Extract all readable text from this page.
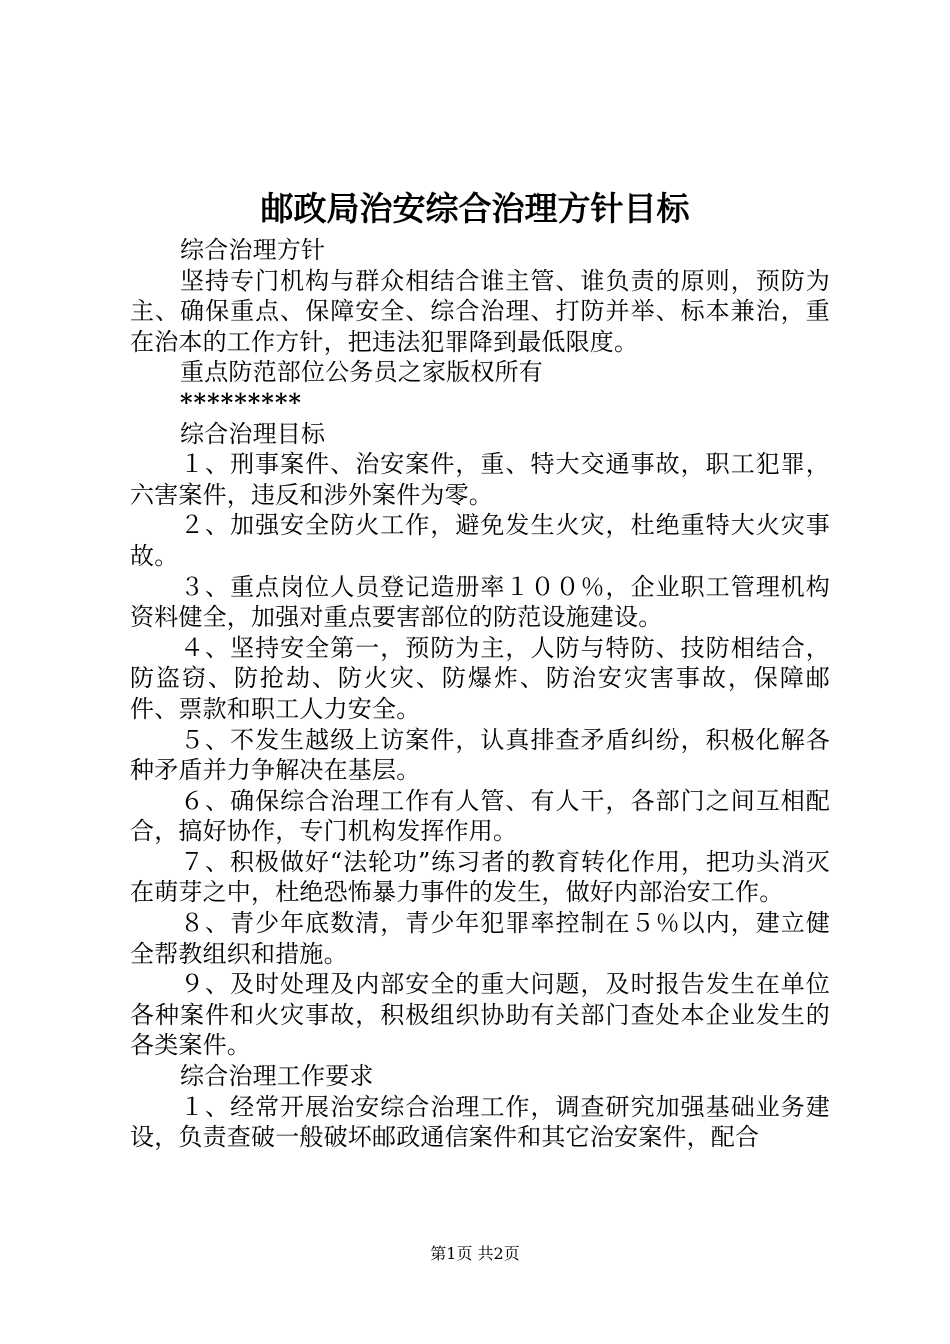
邮政局治安综合治理方针目标

综合治理方针

坚持专门机构与群众相结合谁主管、谁负责的原则，预防为主、确保重点、保障安全、综合治理、打防并举、标本兼治，重在治本的工作方针，把违法犯罪降到最低限度。

重点防范部位公务员之家版权所有

*********

综合治理目标

１、刑事案件、治安案件，重、特大交通事故，职工犯罪，六害案件，违反和涉外案件为零。

２、加强安全防火工作，避免发生火灾，杜绝重特大火灾事故。

３、重点岗位人员登记造册率１００％，企业职工管理机构资料健全，加强对重点要害部位的防范设施建设。

４、坚持安全第一，预防为主，人防与特防、技防相结合，防盗窃、防抢劫、防火灾、防爆炸、防治安灾害事故，保障邮件、票款和职工人力安全。

５、不发生越级上访案件，认真排查矛盾纠纷，积极化解各种矛盾并力争解决在基层。

６、确保综合治理工作有人管、有人干，各部门之间互相配合，搞好协作，专门机构发挥作用。

７、积极做好“法轮功”练习者的教育转化作用，把功头消灭在萌芽之中，杜绝恐怖暴力事件的发生，做好内部治安工作。

８、青少年底数清，青少年犯罪率控制在５％以内，建立健全帮教组织和措施。

９、及时处理及内部安全的重大问题，及时报告发生在单位各种案件和火灾事故，积极组织协助有关部门查处本企业发生的各类案件。

综合治理工作要求

１、经常开展治安综合治理工作，调查研究加强基础业务建设，负责查破一般破坏邮政通信案件和其它治安案件，配合

第1页 共2页
